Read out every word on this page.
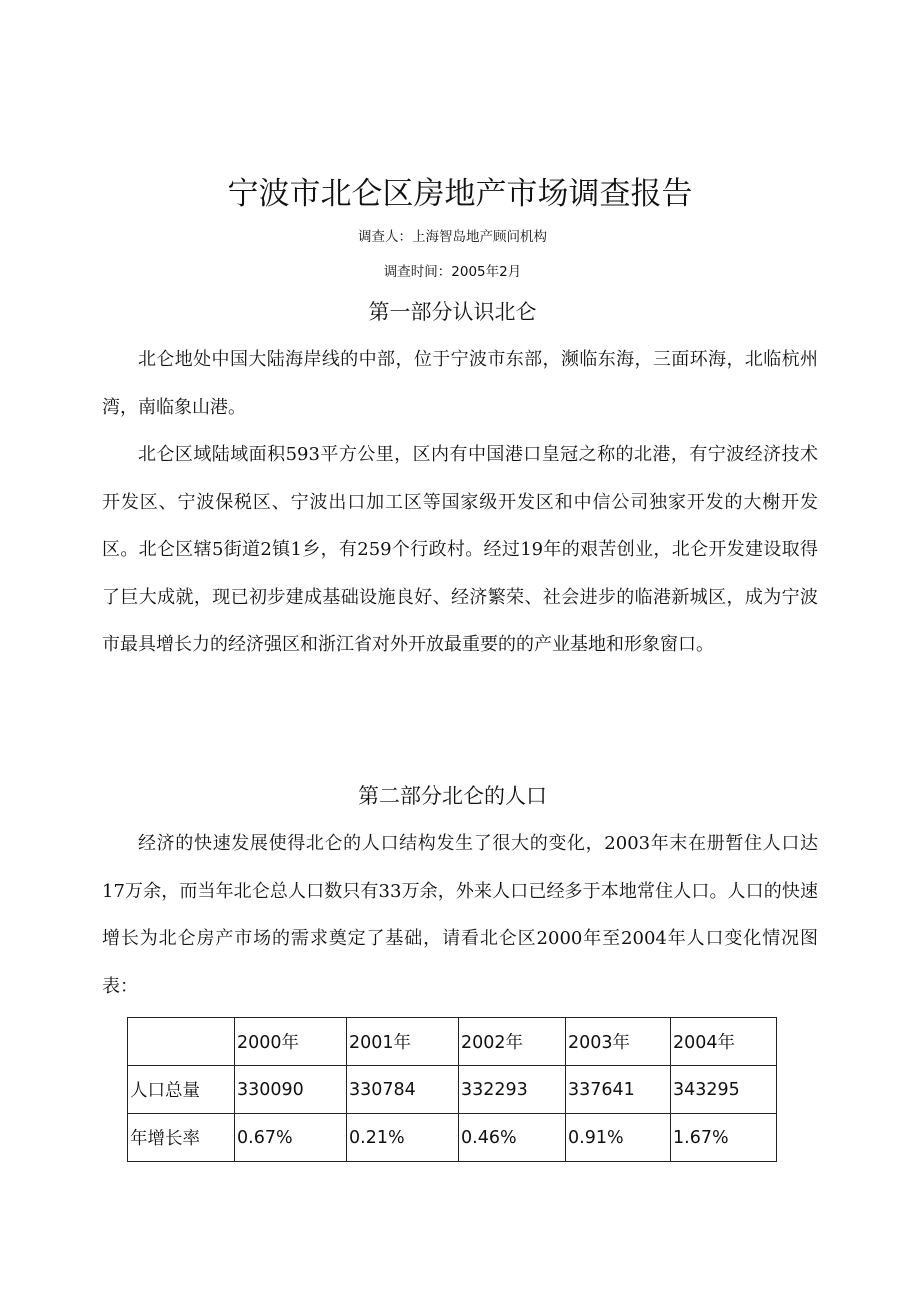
宁波市北仑区房地产市场调查报告
调查人：上海智岛地产顾问机构
调查时间：2005年2月
第一部分认识北仑

北仑地处中国大陆海岸线的中部，位于宁波市东部，濒临东海，三面环海，北临杭州湾，南临象山港。

北仑区域陆域面积593平方公里，区内有中国港口皇冠之称的北港，有宁波经济技术开发区、宁波保税区、宁波出口加工区等国家级开发区和中信公司独家开发的大榭开发区。北仑区辖5街道2镇1乡，有259个行政村。经过19年的艰苦创业，北仑开发建设取得了巨大成就，现已初步建成基础设施良好、经济繁荣、社会进步的临港新城区，成为宁波市最具增长力的经济强区和浙江省对外开放最重要的的产业基地和形象窗口。

第二部分北仑的人口

经济的快速发展使得北仑的人口结构发生了很大的变化，2003年末在册暂住人口达17万余，而当年北仑总人口数只有33万余，外来人口已经多于本地常住人口。人口的快速增长为北仑房产市场的需求奠定了基础，请看北仑区2000年至2004年人口变化情况图表：

	2000年	2001年	2002年	2003年	2004年
人口总量	330090	330784	332293	337641	343295
年增长率	0.67%	0.21%	0.46%	0.91%	1.67%
